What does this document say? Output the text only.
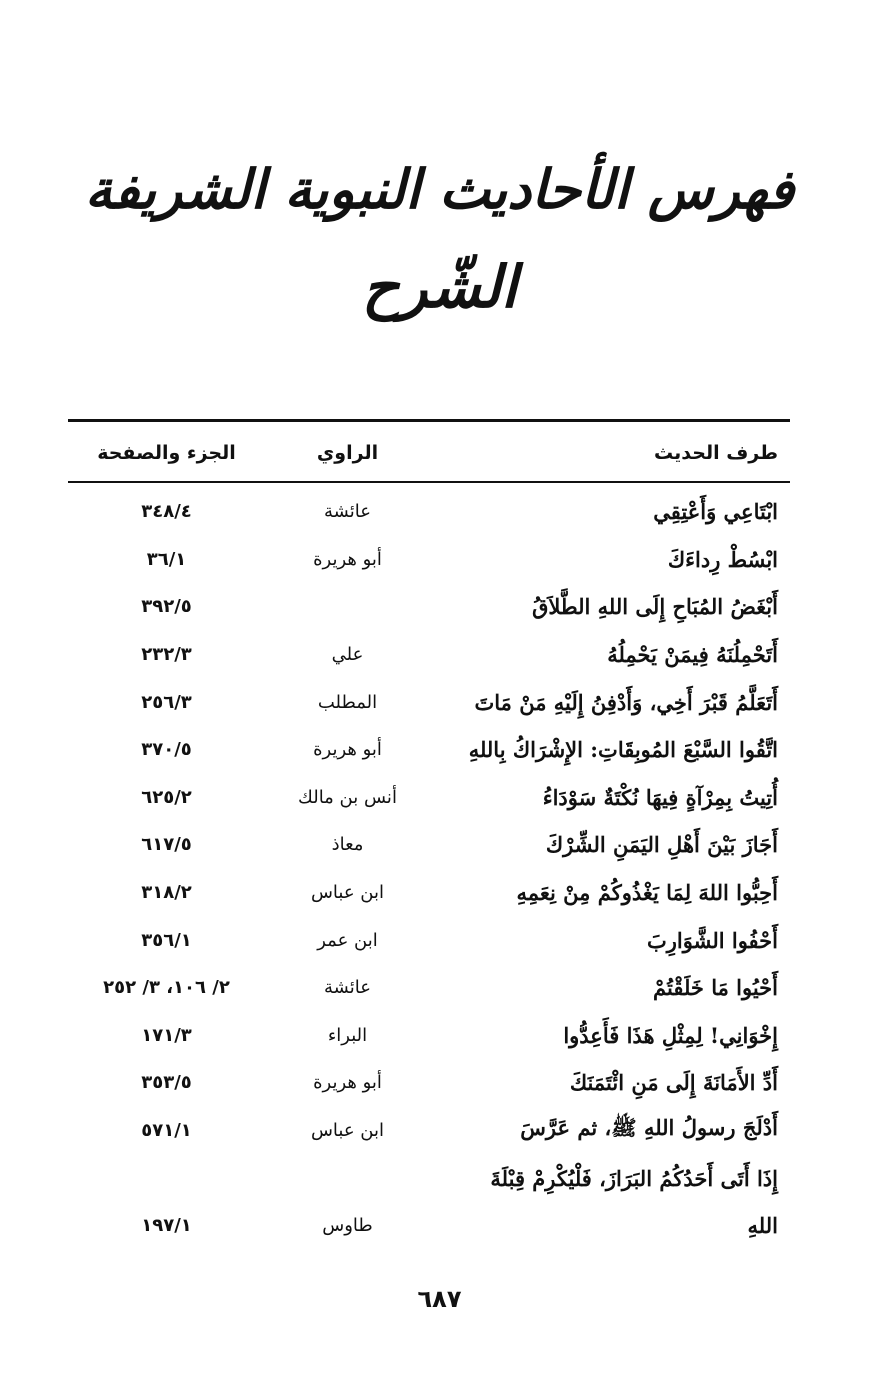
فهرس الأحاديث النبوية الشريفة
الشّرح
طرف الحديث
الراوي
الجزء والصفحة
ابْتَاعِي وَأَعْتِقِي
عائشة
٣٤٨/٤
ابْسُطْ رِداءَكَ
أبو هريرة
٣٦/١
أَبْغَضُ المُبَاحِ إِلَى اللهِ الطَّلاَقُ
٣٩٢/٥
أَتَحْمِلُنَهُ فِيمَنْ يَحْمِلُهُ
علي
٢٣٢/٣
أَتَعَلَّمُ قَبْرَ أَخِي، وَأَدْفِنُ إِلَيْهِ مَنْ مَاتَ
المطلب
٢٥٦/٣
اتَّقُوا السَّبْعَ المُوبِقَاتِ: الإِشْرَاكُ بِاللهِ
أبو هريرة
٣٧٠/٥
أُتِيتُ بِمِرْآةٍ فِيهَا نُكْتَةٌ سَوْدَاءُ
أنس بن مالك
٦٢٥/٢
أَجَازَ بَيْنَ أَهْلِ اليَمَنِ الشِّرْكَ
معاذ
٦١٧/٥
أَحِبُّوا اللهَ لِمَا يَغْذُوكُمْ مِنْ نِعَمِهِ
ابن عباس
٣١٨/٢
أَحْفُوا الشَّوَارِبَ
ابن عمر
٣٥٦/١
أَحْيُوا مَا خَلَقْتُمْ
عائشة
٢/ ١٠٦، ٣/ ٢٥٢
إِخْوَانِي! لِمِثْلِ هَذَا فَأَعِدُّوا
البراء
١٧١/٣
أَدِّ الأَمَانَةَ إِلَى مَنِ ائْتَمَنَكَ
أبو هريرة
٣٥٣/٥
أَدْلَجَ رسولُ اللهِ ﷺ، ثم عَرَّسَ
ابن عباس
٥٧١/١
إِذَا أَتَى أَحَدُكُمُ البَرَازَ، فَلْيُكْرِمْ قِبْلَةَ
اللهِ
طاوس
١٩٧/١
٦٨٧
